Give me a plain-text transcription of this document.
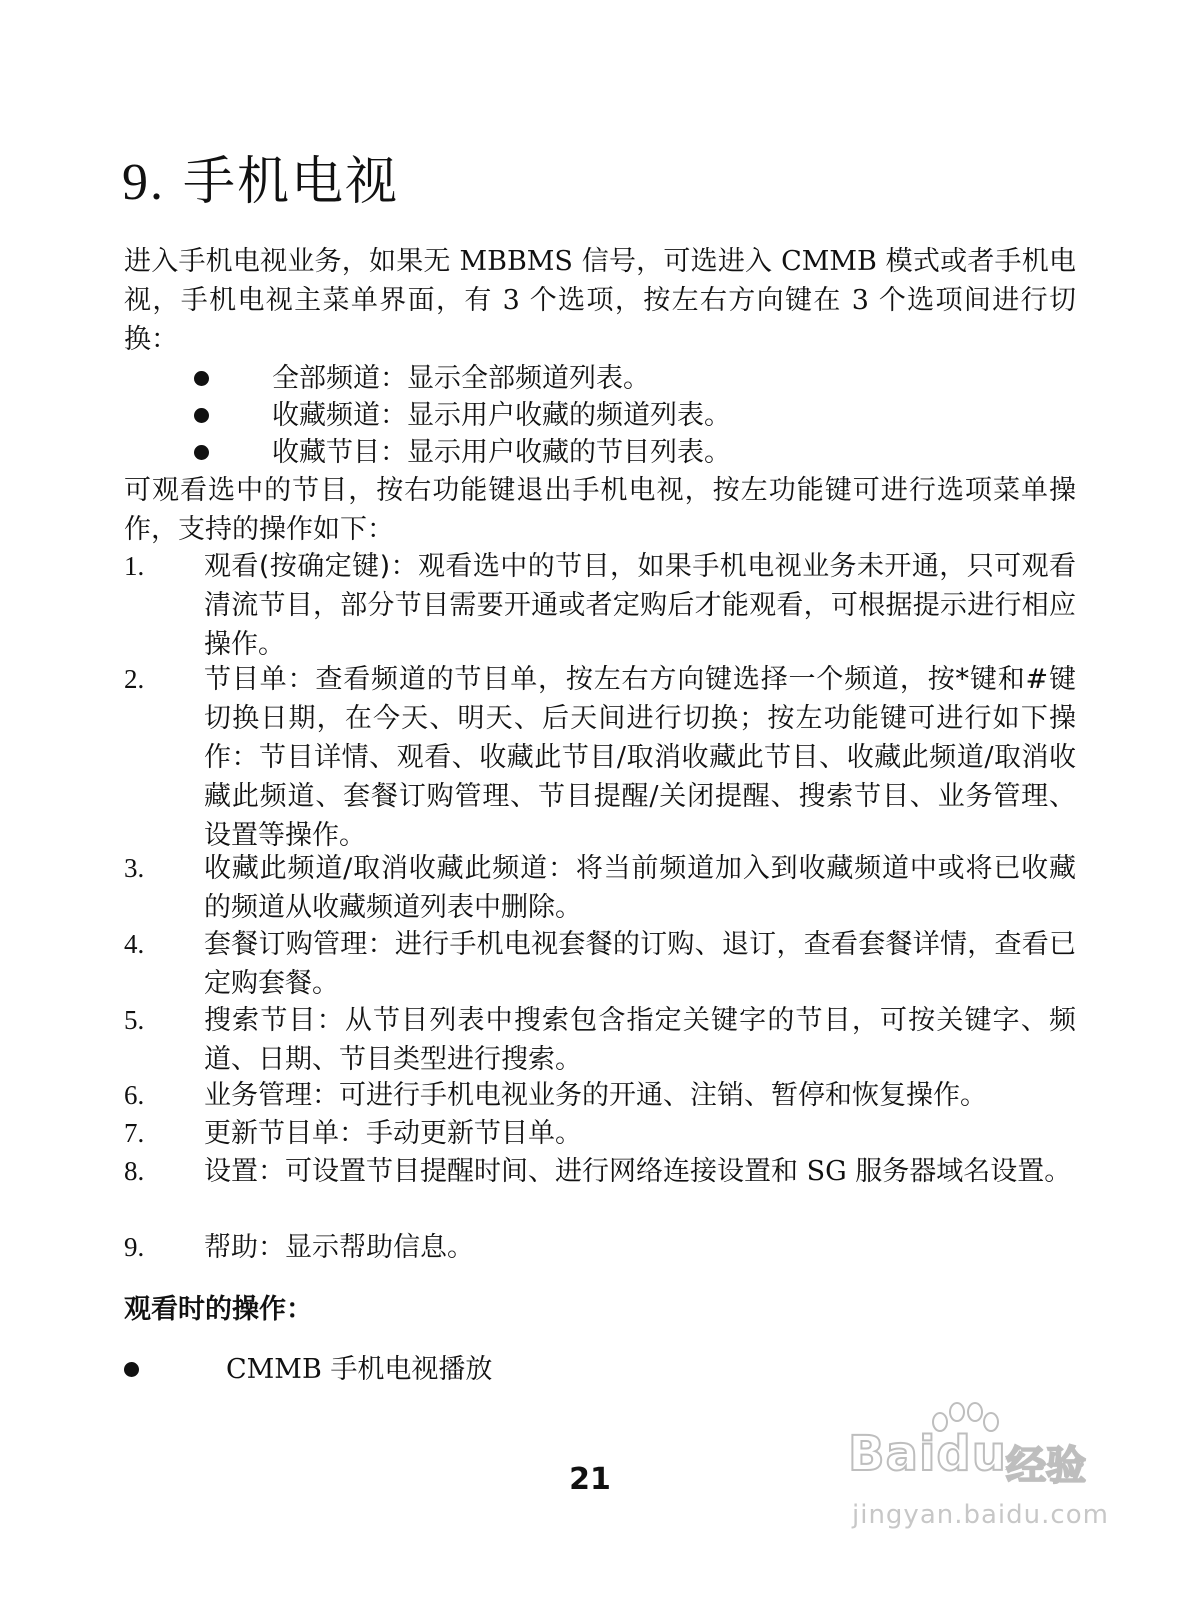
9. 手机电视

进入手机电视业务，如果无 MBBMS 信号，可选进入 CMMB 模式或者手机电视，手机电视主菜单界面，有 3 个选项，按左右方向键在 3 个选项间进行切换：

全部频道：显示全部频道列表。
收藏频道：显示用户收藏的频道列表。
收藏节目：显示用户收藏的节目列表。

可观看选中的节目，按右功能键退出手机电视，按左功能键可进行选项菜单操作，支持的操作如下：

1. 观看(按确定键)：观看选中的节目，如果手机电视业务未开通，只可观看清流节目，部分节目需要开通或者定购后才能观看，可根据提示进行相应操作。
2. 节目单：查看频道的节目单，按左右方向键选择一个频道，按*键和#键切换日期，在今天、明天、后天间进行切换；按左功能键可进行如下操作：节目详情、观看、收藏此节目/取消收藏此节目、收藏此频道/取消收藏此频道、套餐订购管理、节目提醒/关闭提醒、搜索节目、业务管理、设置等操作。
3. 收藏此频道/取消收藏此频道：将当前频道加入到收藏频道中或将已收藏的频道从收藏频道列表中删除。
4. 套餐订购管理：进行手机电视套餐的订购、退订，查看套餐详情，查看已定购套餐。
5. 搜索节目：从节目列表中搜索包含指定关键字的节目，可按关键字、频道、日期、节目类型进行搜索。
6. 业务管理：可进行手机电视业务的开通、注销、暂停和恢复操作。
7. 更新节目单：手动更新节目单。
8. 设置：可设置节目提醒时间、进行网络连接设置和 SG 服务器域名设置。
9. 帮助：显示帮助信息。
观看时的操作：
CMMB 手机电视播放
21	Baidu 经验
jingyan.baidu.com
